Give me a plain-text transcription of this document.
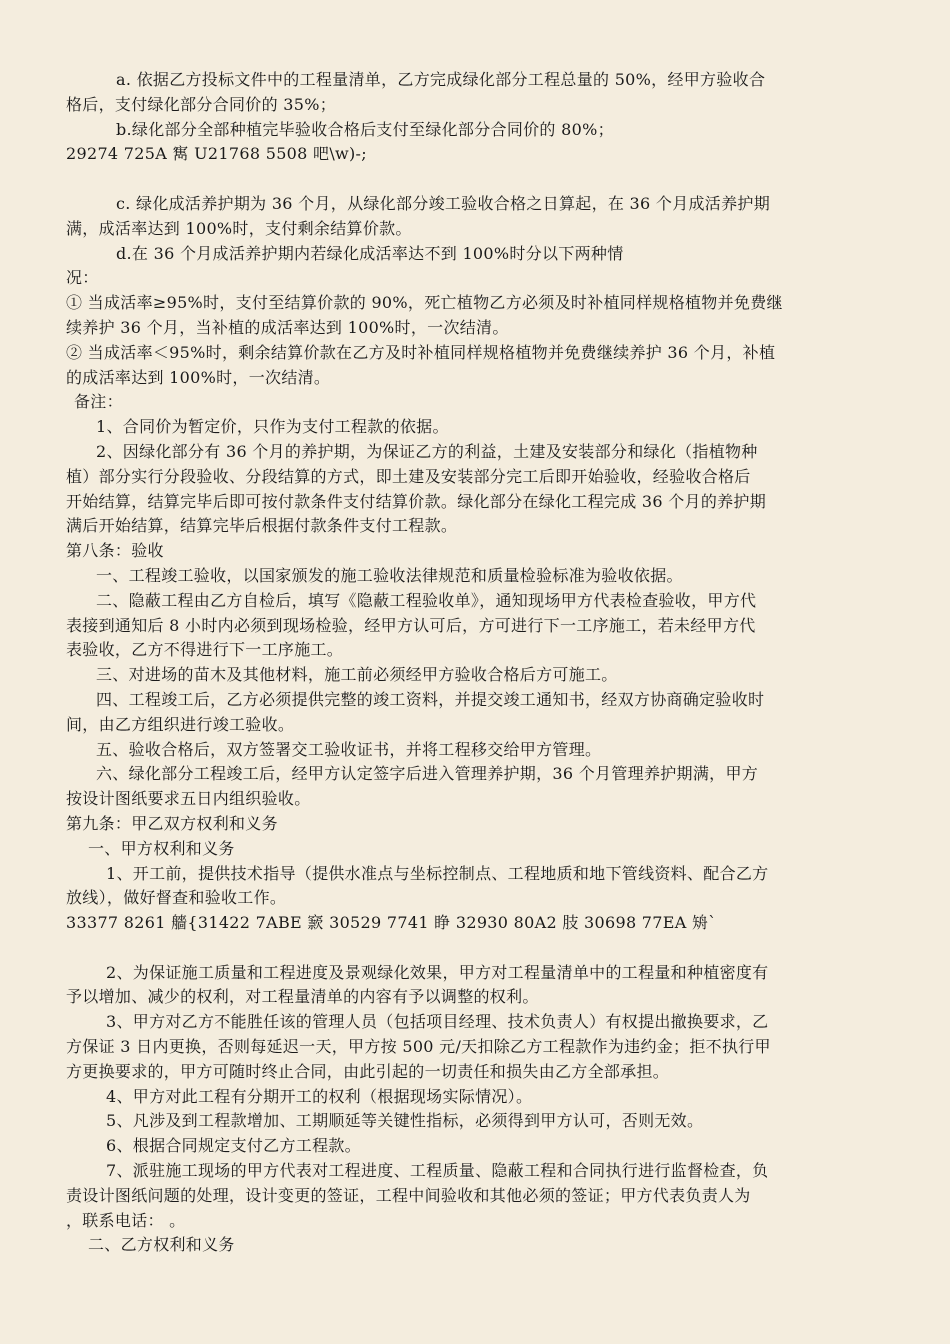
a. 依据乙方投标文件中的工程量清单，乙方完成绿化部分工程总量的 50%，经甲方验收合
格后，支付绿化部分合同价的 35%；
b.绿化部分全部种植完毕验收合格后支付至绿化部分合同价的 80%；
29274 725A 寯 U21768 5508 吧\w)-;
c. 绿化成活养护期为 36 个月，从绿化部分竣工验收合格之日算起，在 36 个月成活养护期
满，成活率达到 100%时，支付剩余结算价款。
d.在 36 个月成活养护期内若绿化成活率达不到 100%时分以下两种情
况：
① 当成活率≥95%时，支付至结算价款的 90%，死亡植物乙方必须及时补植同样规格植物并免费继
续养护 36 个月，当补植的成活率达到 100%时，一次结清。
② 当成活率＜95%时，剩余结算价款在乙方及时补植同样规格植物并免费继续养护 36 个月，补植
的成活率达到 100%时，一次结清。
备注：
1、合同价为暂定价，只作为支付工程款的依据。
2、因绿化部分有 36 个月的养护期，为保证乙方的利益，土建及安装部分和绿化（指植物种
植）部分实行分段验收、分段结算的方式，即土建及安装部分完工后即开始验收，经验收合格后
开始结算，结算完毕后即可按付款条件支付结算价款。绿化部分在绿化工程完成 36 个月的养护期
满后开始结算，结算完毕后根据付款条件支付工程款。
第八条：验收
一、工程竣工验收，以国家颁发的施工验收法律规范和质量检验标准为验收依据。
二、隐蔽工程由乙方自检后，填写《隐蔽工程验收单》，通知现场甲方代表检查验收，甲方代
表接到通知后 8 小时内必须到现场检验，经甲方认可后，方可进行下一工序施工，若未经甲方代
表验收，乙方不得进行下一工序施工。
三、对进场的苗木及其他材料，施工前必须经甲方验收合格后方可施工。
四、工程竣工后，乙方必须提供完整的竣工资料，并提交竣工通知书，经双方协商确定验收时
间，由乙方组织进行竣工验收。
五、验收合格后，双方签署交工验收证书，并将工程移交给甲方管理。
六、绿化部分工程竣工后，经甲方认定签字后进入管理养护期，36 个月管理养护期满，甲方
按设计图纸要求五日内组织验收。
第九条：甲乙双方权利和义务
一、甲方权利和义务
1、开工前，提供技术指导（提供水准点与坐标控制点、工程地质和地下管线资料、配合乙方
放线），做好督查和验收工作。
33377 8261 艢{31422 7ABE 窾 30529 7741 睁 32930 80A2 肢 30698 77EA 矪`
2、为保证施工质量和工程进度及景观绿化效果，甲方对工程量清单中的工程量和种植密度有
予以增加、减少的权利，对工程量清单的内容有予以调整的权利。
3、甲方对乙方不能胜任该的管理人员（包括项目经理、技术负责人）有权提出撤换要求，乙
方保证 3 日内更换，否则每延迟一天，甲方按 500 元/天扣除乙方工程款作为违约金；拒不执行甲
方更换要求的，甲方可随时终止合同，由此引起的一切责任和损失由乙方全部承担。
4、甲方对此工程有分期开工的权利（根据现场实际情况）。
5、凡涉及到工程款增加、工期顺延等关键性指标，必须得到甲方认可，否则无效。
6、根据合同规定支付乙方工程款。
7、派驻施工现场的甲方代表对工程进度、工程质量、隐蔽工程和合同执行进行监督检查，负
责设计图纸问题的处理，设计变更的签证，工程中间验收和其他必须的签证；甲方代表负责人为
，联系电话： 。
二、乙方权利和义务
